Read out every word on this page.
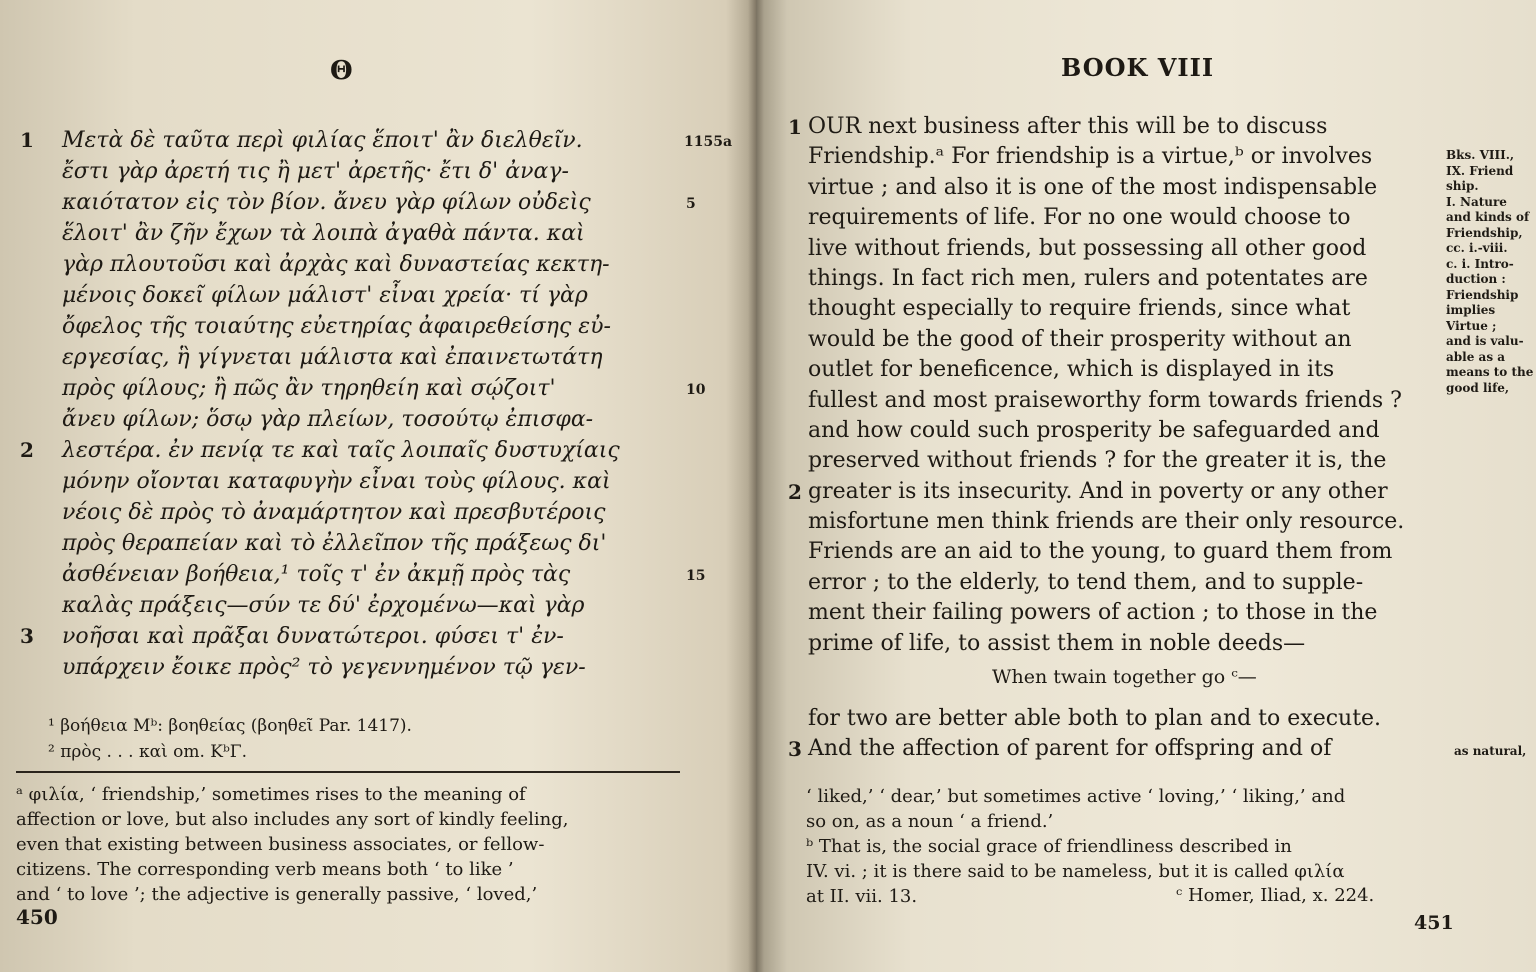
Θ
1 Μετὰ δὲ ταῦτα περὶ φιλίας ἕποιτ' ἂν διελθεῖν.	1155a
ἔστι γὰρ ἀρετή τις ἢ μετ' ἀρετῆς· ἔτι δ' ἀναγ-
καιότατον εἰς τὸν βίον. ἄνευ γὰρ φίλων οὐδεὶς	5
ἕλοιτ' ἂν ζῆν ἔχων τὰ λοιπὰ ἀγαθὰ πάντα. καὶ
γὰρ πλουτοῦσι καὶ ἀρχὰς καὶ δυναστείας κεκτη-
μένοις δοκεῖ φίλων μάλιστ' εἶναι χρεία· τί γὰρ
ὄφελος τῆς τοιαύτης εὐετηρίας ἀφαιρεθείσης εὐ-
εργεσίας, ἣ γίγνεται μάλιστα καὶ ἐπαινετωτάτη
πρὸς φίλους; ἢ πῶς ἂν τηρηθείη καὶ σῴζοιτ'	10
ἄνευ φίλων; ὅσῳ γὰρ πλείων, τοσούτῳ ἐπισφα-
2 λεστέρα. ἐν πενίᾳ τε καὶ ταῖς λοιπαῖς δυστυχίαις
μόνην οἴονται καταφυγὴν εἶναι τοὺς φίλους. καὶ
νέοις δὲ πρὸς τὸ ἀναμάρτητον καὶ πρεσβυτέροις
πρὸς θεραπείαν καὶ τὸ ἐλλεῖπον τῆς πράξεως δι'
ἀσθένειαν βοήθεια,¹ τοῖς τ' ἐν ἀκμῇ πρὸς τὰς	15
καλὰς πράξεις—σύν τε δύ' ἐρχομένω—καὶ γὰρ
3 νοῆσαι καὶ πρᾶξαι δυνατώτεροι. φύσει τ' ἐν-
υπάρχειν ἔοικε πρὸς² τὸ γεγεννημένον τῷ γεν-
¹ βοήθεια Mᵇ: βοηθείας (βοηθεῖ Par. 1417).
² πρὸς . . . καὶ om. KᵇΓ.

ᵃ φιλία, ‘ friendship,’ sometimes rises to the meaning of

affection or love, but also includes any sort of kindly feeling,

even that existing between business associates, or fellow-

citizens. The corresponding verb means both ‘ to like ’

and ‘ to love ’; the adjective is generally passive, ‘ loved,’

450
BOOK VIII
1 OUR next business after this will be to discuss
Friendship.ᵃ For friendship is a virtue,ᵇ or involves
virtue ; and also it is one of the most indispensable
requirements of life. For no one would choose to
live without friends, but possessing all other good
things. In fact rich men, rulers and potentates are
thought especially to require friends, since what
would be the good of their prosperity without an
outlet for beneficence, which is displayed in its
fullest and most praiseworthy form towards friends ?
and how could such prosperity be safeguarded and
preserved without friends ? for the greater it is, the
2 greater is its insecurity. And in poverty or any other
misfortune men think friends are their only resource.
Friends are an aid to the young, to guard them from
error ; to the elderly, to tend them, and to supple-
ment their failing powers of action ; to those in the
prime of life, to assist them in noble deeds—
When twain together go ᶜ—
for two are better able both to plan and to execute.
3 And the affection of parent for offspring and of
Bks. VIII.,
IX. Friend
ship.
I. Nature
and kinds of
Friendship,
cc. i.-viii.
c. i. Intro-
duction :
Friendship
implies
Virtue ;
and is valu-
able as a
means to the
good life,
as natural,

‘ liked,’ ‘ dear,’ but sometimes active ‘ loving,’ ‘ liking,’ and

so on, as a noun ‘ a friend.’

ᵇ That is, the social grace of friendliness described in

IV. vi. ; it is there said to be nameless, but it is called φιλία

at II. vii. 13.	ᶜ Homer, Iliad, x. 224.
451
